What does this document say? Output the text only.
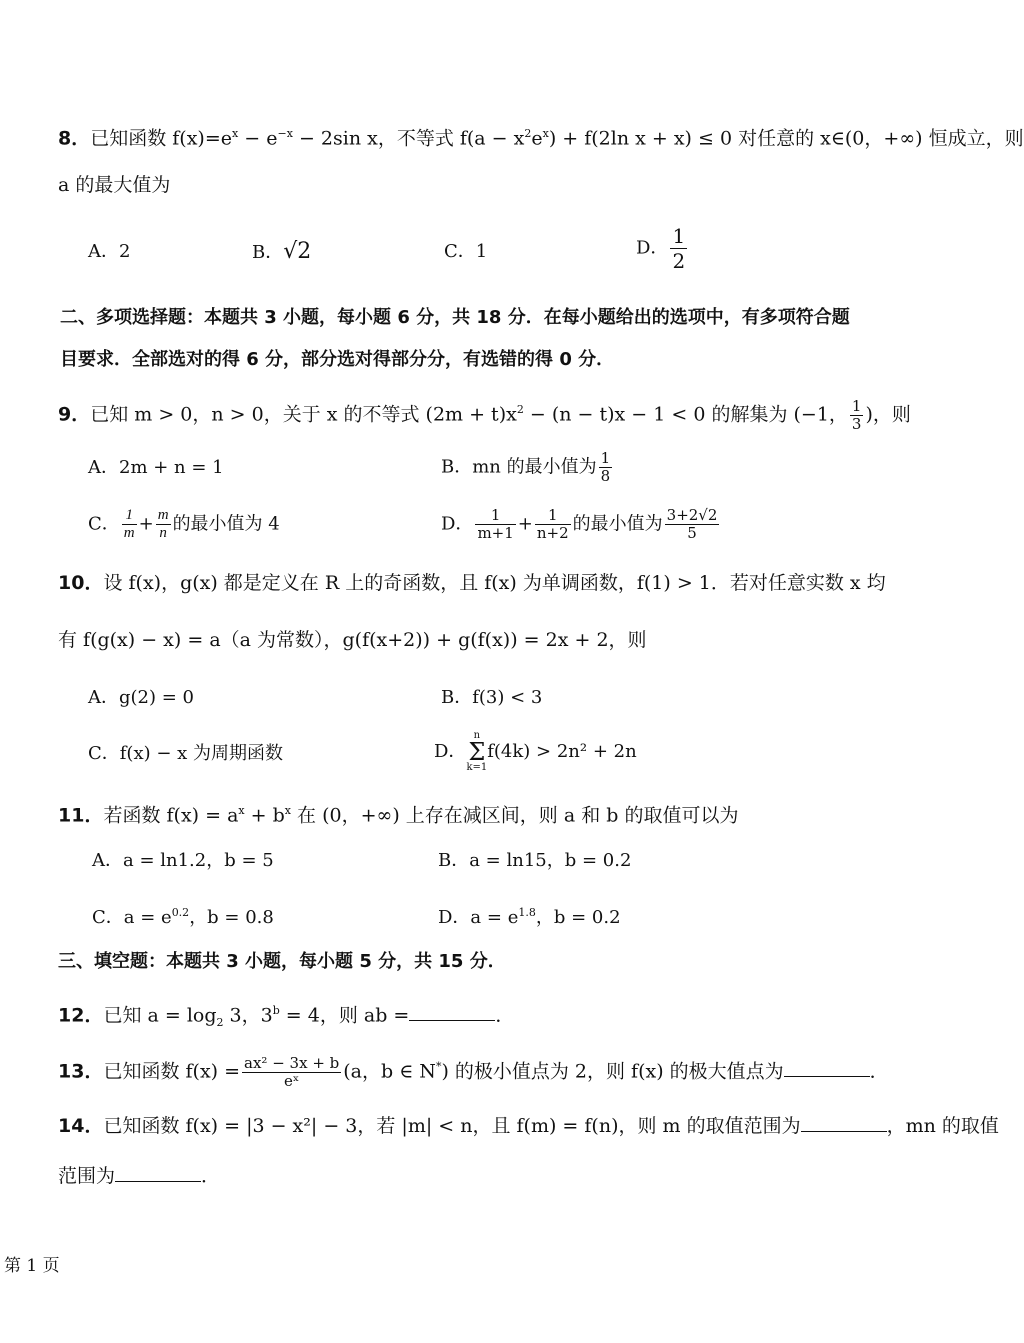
8．已知函数 $f(x)=e^x - e^{-x} - 2\sin$ x，不等式 $f(a - x^2e^x) + f(2\ln$ x + x) ≤ 0 对任意的 x∈(0，+∞) 恒成立，则
a 的最大值为
A．2	B．√2	C．1	D． $\frac{1}{2}$
二、多项选择题：本题共 3 小题，每小题 6 分，共 18 分．在每小题给出的选项中，有多项符合题
目要求．全部选对的得 6 分，部分选对得部分分，有选错的得 0 分．
9．已知 m > 0，n > 0，关于 x 的不等式 $(2m + t)x^2 - (n - t)x - 1 < 0$ 的解集为 (−1， $\frac{1}{3}$ )，则
A．2m + n = 1	B．mn 的最小值为 $\frac{1}{8}$
C． $\frac{1}{m} + \frac{m}{n}$ 的最小值为 4	D． $\frac{1}{m+1} + \frac{1}{n+2}$ 的最小值为 $\frac{3+2√2}{5}$
10．设 f(x)，g(x) 都是定义在 R 上的奇函数，且 f(x) 为单调函数，f(1) > 1．若对任意实数 x 均
有 f(g(x) − x) = a（a 为常数），g(f(x+2)) + g(f(x)) = 2x + 2，则
A．g(2) = 0	B．f(3) < 3
C．f(x) − x 为周期函数	D．n
Σ
k=1f(4k) > 2n² + 2n
11．若函数 $f(x) = a^x + b^x$ 在 (0，+∞) 上存在减区间，则 a 和 b 的取值可以为
A．a = ln1.2，b = 5	B．a = ln15，b = 0.2
C．$a = e^{0.2}$，b = 0.8	D．$a = e^{1.8}$，b = 0.2
三、填空题：本题共 3 小题，每小题 5 分，共 15 分．
12．已知 $a = \log_2 3$，$3^b = 4$，则 ab =	．
13．已知函数 $f(x) = \frac{\text{ax² − 3x + b}}{\text{eˣ}} (a$，b ∈ N*) 的极小值点为 2，则 f(x) 的极大值点为	．
14．已知函数 f(x) = |3 − x²| − 3，若 |m| < n，且 f(m) = f(n)，则 m 的取值范围为	，mn 的取值
范围为	．
第 1 页
